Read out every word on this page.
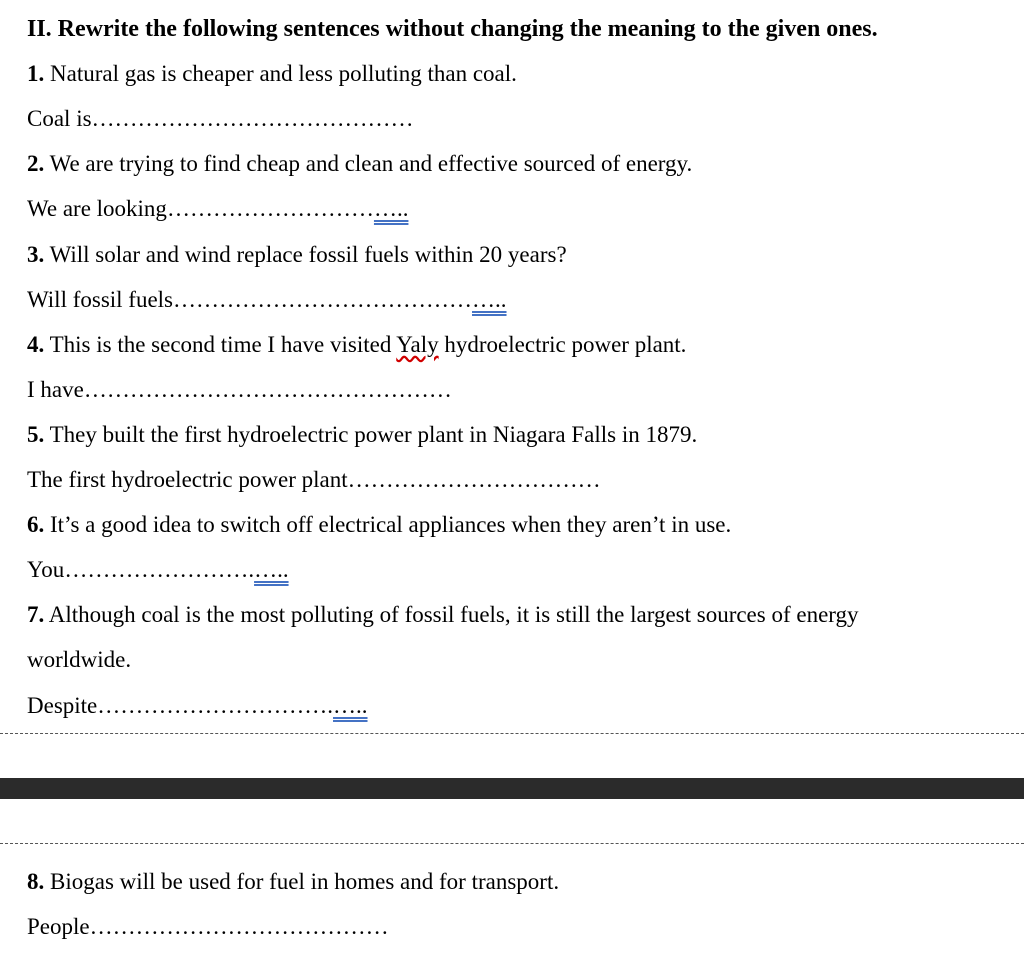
II. Rewrite the following sentences without changing the meaning to the given ones.
1. Natural gas is cheaper and less polluting than coal.
Coal is……………………………………
2. We are trying to find cheap and clean and effective sourced of energy.
We are looking…………………………..
3. Will solar and wind replace fossil fuels within 20 years?
Will fossil fuels……………………………………..
4. This is the second time I have visited Yaly hydroelectric power plant.
I have…………………………………………
5. They built the first hydroelectric power plant in Niagara Falls in 1879.
The first hydroelectric power plant……………………………
6. It’s a good idea to switch off electrical appliances when they aren’t in use.
You…………………….…..
7. Although coal is the most polluting of fossil fuels, it is still the largest sources of energy
worldwide.
Despite………………………….…..
8. Biogas will be used for fuel in homes and for transport.
People…………………………………
